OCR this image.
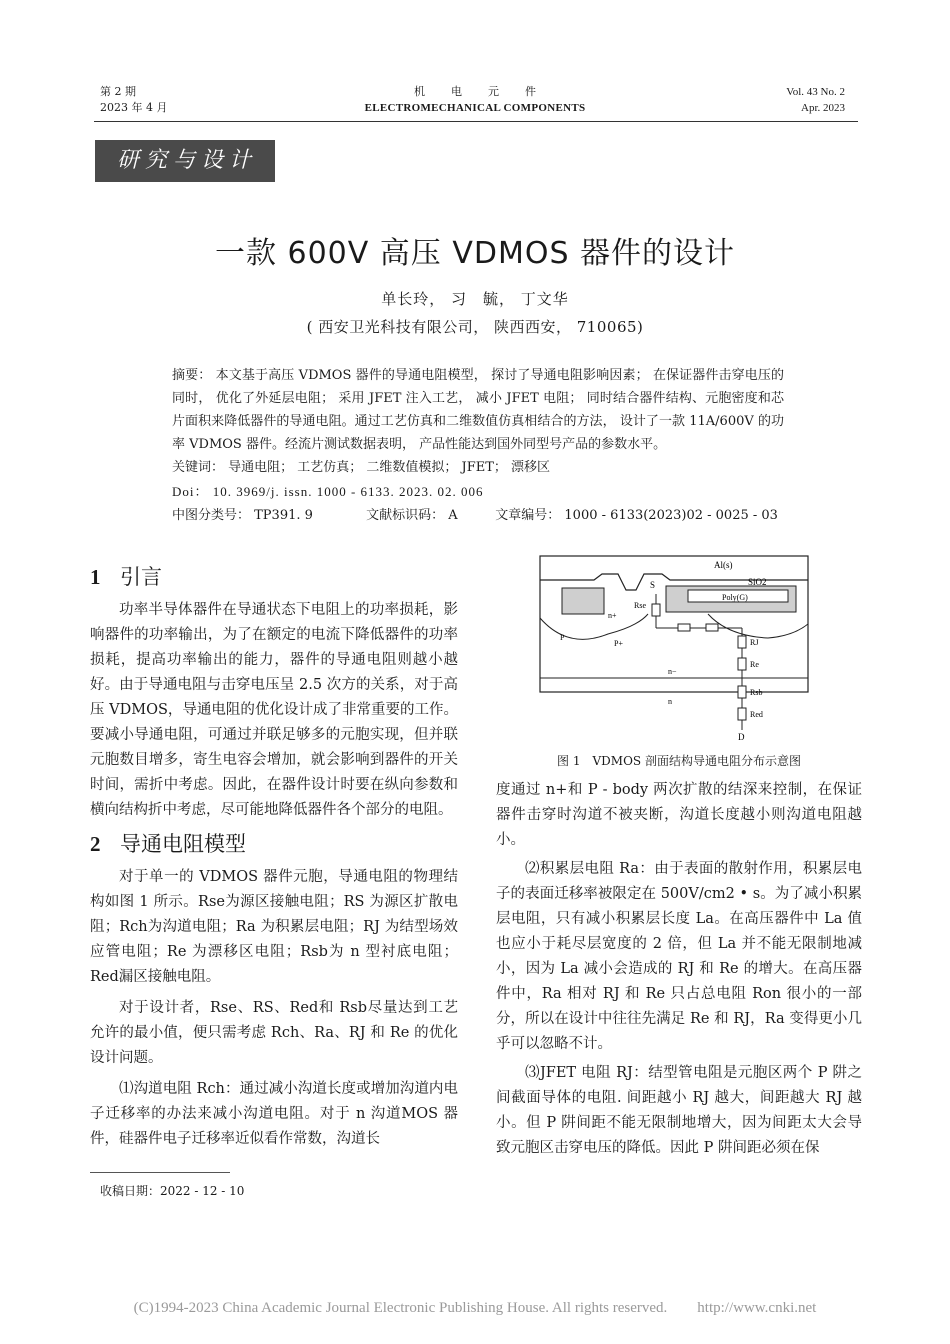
第 2 期
2023 年 4 月
机电元件
ELECTROMECHANICAL COMPONENTS
Vol. 43 No. 2
Apr. 2023
研究与设计
一款 600V 高压 VDMOS 器件的设计
单长玲， 习　毓， 丁文华
( 西安卫光科技有限公司， 陕西西安， 710065)
摘要： 本文基于高压 VDMOS 器件的导通电阻模型， 探讨了导通电阻影响因素； 在保证器件击穿电压的同时， 优化了外延层电阻； 采用 JFET 注入工艺， 减小 JFET 电阻； 同时结合器件结构、元胞密度和芯片面积来降低器件的导通电阻。通过工艺仿真和二维数值仿真相结合的方法， 设计了一款 11A/600V 的功率 VDMOS 器件。经流片测试数据表明， 产品性能达到国外同型号产品的参数水平。
关键词： 导通电阻； 工艺仿真； 二维数值模拟； JFET； 漂移区
Doi： 10. 3969/j. issn. 1000 - 6133. 2023. 02. 006
中图分类号： TP391. 9	文献标识码： A	文章编号： 1000 - 6133(2023)02 - 0025 - 03
1 引言

功率半导体器件在导通状态下电阻上的功率损耗，影响器件的功率输出，为了在额定的电流下降低器件的功率损耗，提高功率输出的能力，器件的导通电阻则越小越好。由于导通电阻与击穿电压呈 2.5 次方的关系，对于高压 VDMOS，导通电阻的优化设计成了非常重要的工作。要减小导通电阻，可通过并联足够多的元胞实现，但并联元胞数目增多，寄生电容会增加，就会影响到器件的开关时间，需折中考虑。因此，在器件设计时要在纵向参数和横向结构折中考虑，尽可能地降低器件各个部分的电阻。

2 导通电阻模型

对于单一的 VDMOS 器件元胞，导通电阻的物理结构如图 1 所示。Rse为源区接触电阻；RS 为源区扩散电阻；Rch为沟道电阻；Ra 为积累层电阻；RJ 为结型场效应管电阻；Re 为漂移区电阻；Rsb为 n 型衬底电阻；Red漏区接触电阻。

对于设计者，Rse、RS、Red和 Rsb尽量达到工艺允许的最小值，便只需考虑 Rch、Ra、RJ 和 Re 的优化设计问题。

⑴沟道电阻 Rch：通过减小沟道长度或增加沟道内电子迁移率的办法来减小沟道电阻。对于 n 沟道MOS 器件，硅器件电子迁移率近似看作常数，沟道长

Al(s)
SiO2
Poly(G)
S
Rse
n+
P
P+
n−
n
RJ
Re
Rsb
Red
D
图 1　VDMOS 剖面结构导通电阻分布示意图

度通过 n+和 P - body 两次扩散的结深来控制，在保证器件击穿时沟道不被夹断，沟道长度越小则沟道电阻越小。

⑵积累层电阻 Ra：由于表面的散射作用，积累层电子的表面迁移率被限定在 500V/cm2 • s。为了减小积累层电阻，只有减小积累层长度 La。在高压器件中 La 值也应小于耗尽层宽度的 2 倍，但 La 并不能无限制地减小，因为 La 减小会造成的 RJ 和 Re 的增大。在高压器件中，Ra 相对 RJ 和 Re 只占总电阻 Ron 很小的一部分，所以在设计中往往先满足 Re 和 RJ，Ra 变得更小几乎可以忽略不计。

⑶JFET 电阻 RJ：结型管电阻是元胞区两个 P 阱之间截面导体的电阻. 间距越小 RJ 越大，间距越大 RJ 越小。但 P 阱间距不能无限制地增大，因为间距太大会导致元胞区击穿电压的降低。因此 P 阱间距必须在保

收稿日期：2022 - 12 - 10
(C)1994-2023 China Academic Journal Electronic Publishing House. All rights reserved.　　http://www.cnki.net
